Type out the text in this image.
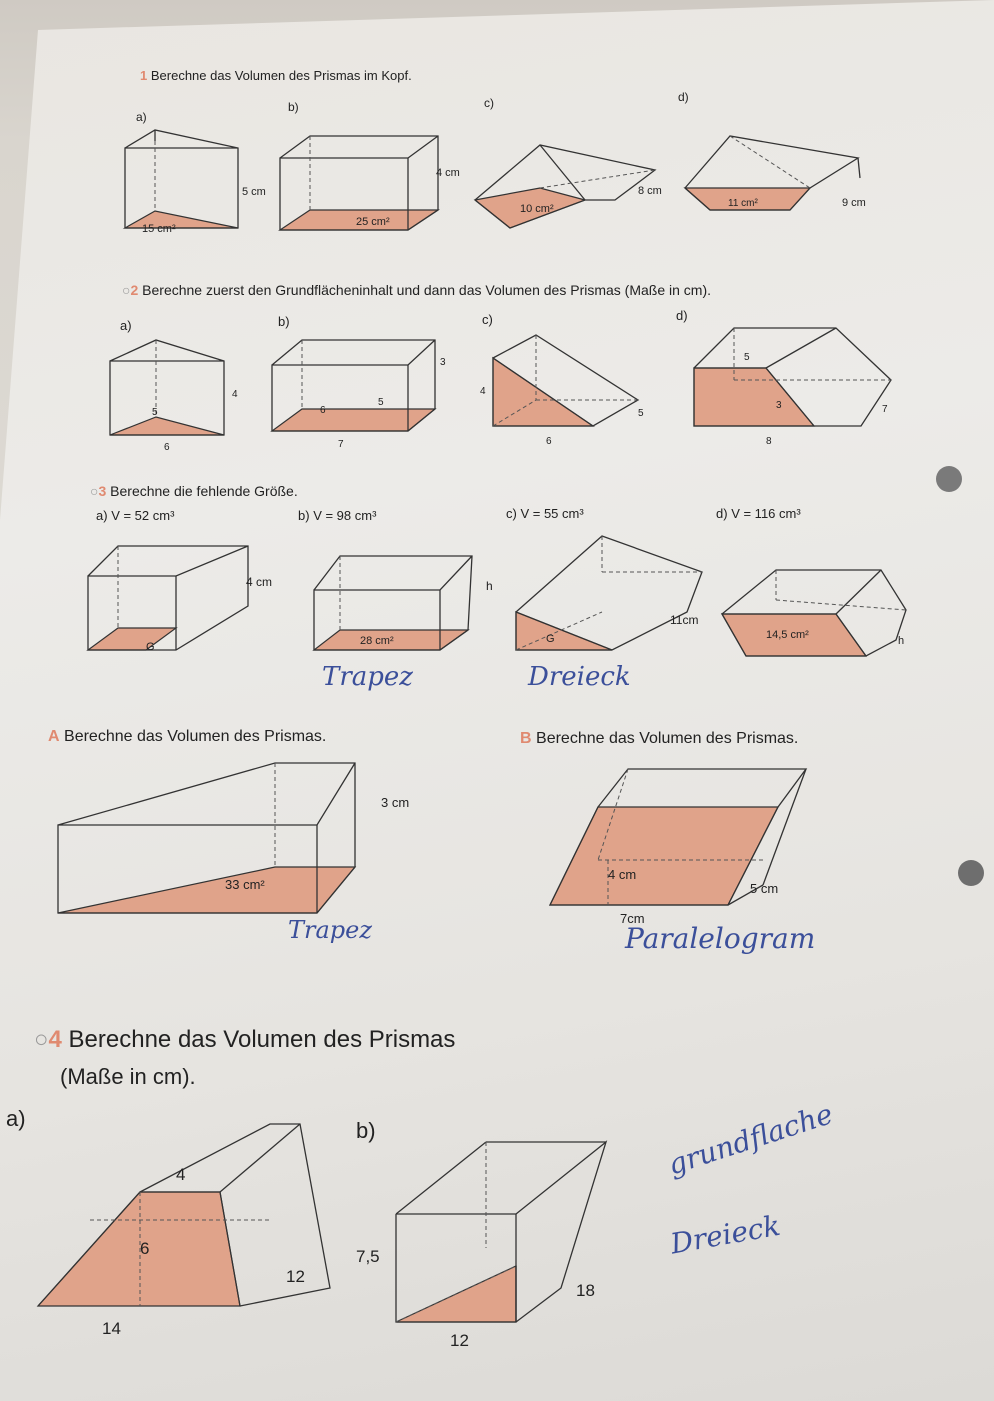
1 Berechne das Volumen des Prismas im Kopf.
a)
b)	c)	d)
5 cm
15 cm²
4 cm
25 cm²
10 cm²
8 cm
11 cm²	9 cm
○2 Berechne zuerst den Grundflächeninhalt und dann das Volumen des Prismas (Maße in cm).
a)	b)	c)	d)
4
5
6
3
5
6
7
4
5
6
5
3	7
8
○3 Berechne die fehlende Größe.
a) V = 52 cm³	b) V = 98 cm³	c) V = 55 cm³	d) V = 116 cm³
4 cm
G
h
28 cm²
11cm
G	14,5 cm²	h
Trapez	Dreieck
A Berechne das Volumen des Prismas.
3 cm
33 cm²
Trapez
B Berechne das Volumen des Prismas.
4 cm
5 cm
7cm
Paralelogram
○4 Berechne das Volumen des Prismas
(Maße in cm).
a)	b)
4
6
12
14
7,5
18
12
grundflache
Dreieck
